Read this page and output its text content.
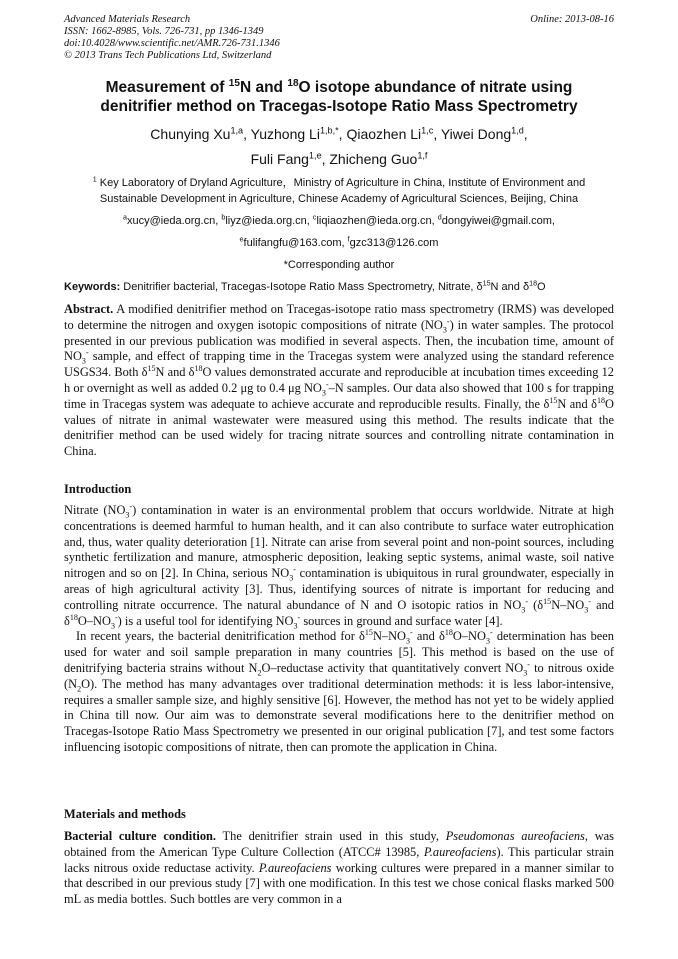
Advanced Materials Research
ISSN: 1662-8985, Vols. 726-731, pp 1346-1349
doi:10.4028/www.scientific.net/AMR.726-731.1346
© 2013 Trans Tech Publications Ltd, Switzerland
Online: 2013-08-16
Measurement of $^{15}$N and $^{18}$O isotope abundance of nitrate using
denitrifier method on Tracegas-Isotope Ratio Mass Spectrometry
Chunying Xu$^{1,a}$, Yuzhong $Li^{1,b,*}$, Qiaozhen Li$^{1,c}$, Yiwei Dong$^{1,d}$,
Fuli Fang$^{1,e}$, Zhicheng Guo$^{1,f}$
$^1$ Key Laboratory of Dryland Agriculture，Ministry of Agriculture in China, Institute of Environment and
Sustainable Development in Agriculture, Chinese Academy of Agricultural Sciences, Beijing, China
$^a$xucy@ieda.org.cn, $^b$liyz@ieda.org.cn, $^c$liqiaozhen@ieda.org.cn, $^d$dongyiwei@gmail.com,
$^e$fulifangfu@163.com, $^f$gzc313@126.com
*Corresponding author
Keywords: Denitrifier bacterial, Tracegas-Isotope Ratio Mass Spectrometry, Nitrate, $\delta^{15}N$ and $\delta^{18}O$

Abstract. A modified denitrifier method on Tracegas-isotope ratio mass spectrometry (IRMS) was developed to determine the nitrogen and oxygen isotopic compositions of nitrate $(NO_3^-)$ in water samples. The protocol presented in our previous publication was modified in several aspects. Then, the incubation time, amount of $NO_3^-$ sample, and effect of trapping time in the Tracegas system were analyzed using the standard reference USGS34. Both $\delta^{15}N$ and $\delta^{18}O$ values demonstrated accurate and reproducible at incubation times exceeding 12 h or overnight as well as added 0.2 μg to 0.4 μg $NO_3^--N$ samples. Our data also showed that 100 s for trapping time in Tracegas system was adequate to achieve accurate and reproducible results. Finally, the $\delta^{15}N$ and $\delta^{18}O$ values of nitrate in animal wastewater were measured using this method. The results indicate that the denitrifier method can be used widely for tracing nitrate sources and controlling nitrate contamination in China.

Introduction

Nitrate $(NO_3^-)$ contamination in water is an environmental problem that occurs worldwide. Nitrate at high concentrations is deemed harmful to human health, and it can also contribute to surface water eutrophication and, thus, water quality deterioration [1]. Nitrate can arise from several point and non-point sources, including synthetic fertilization and manure, atmospheric deposition, leaking septic systems, animal waste, soil native nitrogen and so on [2]. In China, serious $NO_3^-$ contamination is ubiquitous in rural groundwater, especially in areas of high agricultural activity [3]. Thus, identifying sources of nitrate is important for reducing and controlling nitrate occurrence. The natural abundance of N and O isotopic ratios in $NO_3^-$ ($\delta^{15}N-NO_3^-$ and $\delta^{18}O-NO_3^-$) is a useful tool for identifying $NO_3^-$ sources in ground and surface water [4].

In recent years, the bacterial denitrification method for $\delta^{15}N-NO_3^-$ and $\delta^{18}O-NO_3^-$ determination has been used for water and soil sample preparation in many countries [5]. This method is based on the use of denitrifying bacteria strains without $N_2O$–reductase activity that quantitatively convert $NO_3^-$ to nitrous oxide $(N_2O)$. The method has many advantages over traditional determination methods: it is less labor-intensive, requires a smaller sample size, and highly sensitive [6]. However, the method has not yet to be widely applied in China till now. Our aim was to demonstrate several modifications here to the denitrifier method on Tracegas-Isotope Ratio Mass Spectrometry we presented in our original publication [7], and test some factors influencing isotopic compositions of nitrate, then can promote the application in China.

Materials and methods

Bacterial culture condition. The denitrifier strain used in this study, Pseudomonas aureofaciens, was obtained from the American Type Culture Collection (ATCC# 13985, P.aureofaciens). This particular strain lacks nitrous oxide reductase activity. P.aureofaciens working cultures were prepared in a manner similar to that described in our previous study [7] with one modification. In this test we chose conical flasks marked 500 mL as media bottles. Such bottles are very common in a
